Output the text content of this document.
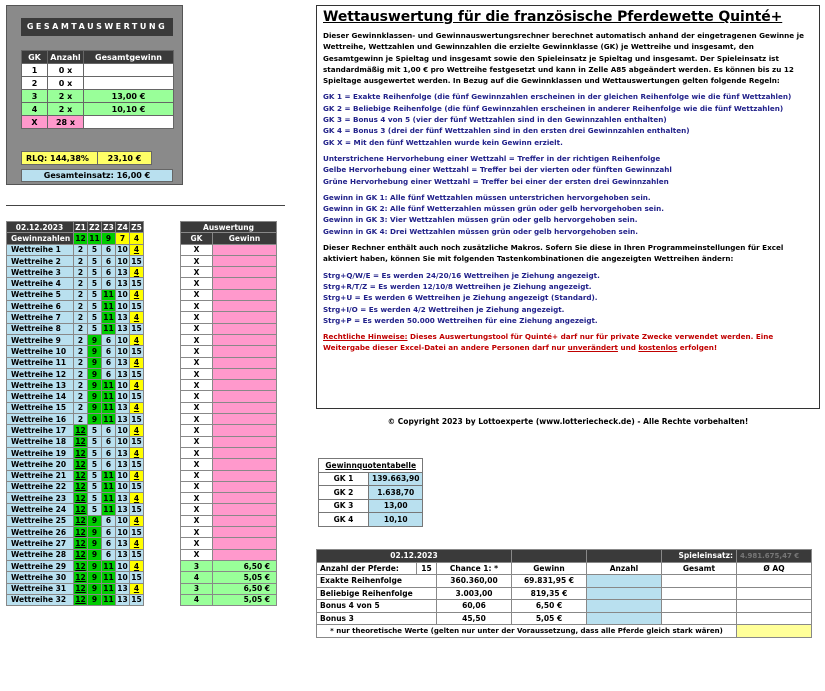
GESAMTAUSWERTUNG
GK	Anzahl	Gesamtgewinn
1	0 x	
2	0 x	
3	2 x	13,00 €
4	2 x	10,10 €
X	28 x	
RLQ: 144,38%	23,10 €
Gesamteinsatz: 16,00 €
02.12.2023	Z1	Z2	Z3	Z4	Z5		Auswertung	
Gewinnzahlen	12	11	9	7	4		GK	Gewinn
Wettreihe 1	2	5	6	10	4		X	
Wettreihe 2	2	5	6	10	15		X	
Wettreihe 3	2	5	6	13	4		X	
Wettreihe 4	2	5	6	13	15		X	
Wettreihe 5	2	5	11	10	4		X	
Wettreihe 6	2	5	11	10	15		X	
Wettreihe 7	2	5	11	13	4		X	
Wettreihe 8	2	5	11	13	15		X	
Wettreihe 9	2	9	6	10	4		X	
Wettreihe 10	2	9	6	10	15		X	
Wettreihe 11	2	9	6	13	4		X	
Wettreihe 12	2	9	6	13	15		X	
Wettreihe 13	2	9	11	10	4		X	
Wettreihe 14	2	9	11	10	15		X	
Wettreihe 15	2	9	11	13	4		X	
Wettreihe 16	2	9	11	13	15		X	
Wettreihe 17	12	5	6	10	4		X	
Wettreihe 18	12	5	6	10	15		X	
Wettreihe 19	12	5	6	13	4		X	
Wettreihe 20	12	5	6	13	15		X	
Wettreihe 21	12	5	11	10	4		X	
Wettreihe 22	12	5	11	10	15		X	
Wettreihe 23	12	5	11	13	4		X	
Wettreihe 24	12	5	11	13	15		X	
Wettreihe 25	12	9	6	10	4		X	
Wettreihe 26	12	9	6	10	15		X	
Wettreihe 27	12	9	6	13	4		X	
Wettreihe 28	12	9	6	13	15		X	
Wettreihe 29	12	9	11	10	4		3	6,50 €
Wettreihe 30	12	9	11	10	15		4	5,05 €
Wettreihe 31	12	9	11	13	4		3	6,50 €
Wettreihe 32	12	9	11	13	15		4	5,05 €
Wettauswertung für die französische Pferdewette Quinté+

Dieser Gewinnklassen- und Gewinnauswertungsrechner berechnet automatisch anhand der eingetragenen Gewinne je Wettreihe, Wettzahlen und Gewinnzahlen die erzielte Gewinnklasse (GK) je Wettreihe und insgesamt, den Gesamtgewinn je Spieltag und insgesamt sowie den Spieleinsatz je Spieltag und insgesamt. Der Spieleinsatz ist standardmäßig mit 1,00 € pro Wettreihe festgesetzt und kann in Zelle A85 abgeändert werden. Es können bis zu 12 Spieltage ausgewertet werden. In Bezug auf die Gewinnklassen und Wettauswertungen gelten folgende Regeln:

GK 1 = Exakte Reihenfolge (die fünf Gewinnzahlen erscheinen in der gleichen Reihenfolge wie die fünf Wettzahlen)

GK 2 = Beliebige Reihenfolge (die fünf Gewinnzahlen erscheinen in anderer Reihenfolge wie die fünf Wettzahlen)

GK 3 = Bonus 4 von 5 (vier der fünf Wettzahlen sind in den Gewinnzahlen enthalten)

GK 4 = Bonus 3 (drei der fünf Wettzahlen sind in den ersten drei Gewinnzahlen enthalten)

GK X = Mit den fünf Wettzahlen wurde kein Gewinn erzielt.

Unterstrichene Hervorhebung einer Wettzahl = Treffer in der richtigen Reihenfolge

Gelbe Hervorhebung einer Wettzahl = Treffer bei der vierten oder fünften Gewinnzahl

Grüne Hervorhebung einer Wettzahl = Treffer bei einer der ersten drei Gewinnzahlen

Gewinn in GK 1: Alle fünf Wettzahlen müssen unterstrichen hervorgehoben sein.

Gewinn in GK 2: Alle fünf Wetterzahlen müssen grün oder gelb hervorgehoben sein.

Gewinn in GK 3: Vier Wettzahlen müssen grün oder gelb hervorgehoben sein.

Gewinn in GK 4: Drei Wettzahlen müssen grün oder gelb hervorgehoben sein.

Dieser Rechner enthält auch noch zusätzliche Makros. Sofern Sie diese in Ihren Programmeinstellungen für Excel aktiviert haben, können Sie mit folgenden Tastenkombinationen die angezeigten Wettreihen ändern:

Strg+Q/W/E = Es werden 24/20/16 Wettreihen je Ziehung angezeigt.

Strg+R/T/Z = Es werden 12/10/8 Wettreihen je Ziehung angezeigt.

Strg+U = Es werden 6 Wettreihen je Ziehung angezeigt (Standard).

Strg+I/O = Es werden 4/2 Wettreihen je Ziehung angezeigt.

Strg+P = Es werden 50.000 Wettreihen für eine Ziehung angezeigt.

Rechtliche Hinweise: Dieses Auswertungstool für Quinté+ darf nur für private Zwecke verwendet werden. Eine Weitergabe dieser Excel-Datei an andere Personen darf nur unverändert und kostenlos erfolgen!

© Copyright 2023 by Lottoexperte (www.lotteriecheck.de) - Alle Rechte vorbehalten!
Gewinnquotentabelle	
GK 1	139.663,90
GK 2	1.638,70
GK 3	13,00
GK 4	10,10
02.12.2023					Spieleinsatz:	4.981.675,47 €
Anzahl der Pferde:	15	Chance 1: *	Gewinn	Anzahl	Gesamt	Ø AQ
Exakte Reihenfolge		360.360,00	69.831,95 €			
Beliebige Reihenfolge		3.003,00	819,35 €			
Bonus 4 von 5		60,06	6,50 €			
Bonus 3		45,50	5,05 €			
* nur theoretische Werte (gelten nur unter der Voraussetzung, dass alle Pferde gleich stark wären)						
